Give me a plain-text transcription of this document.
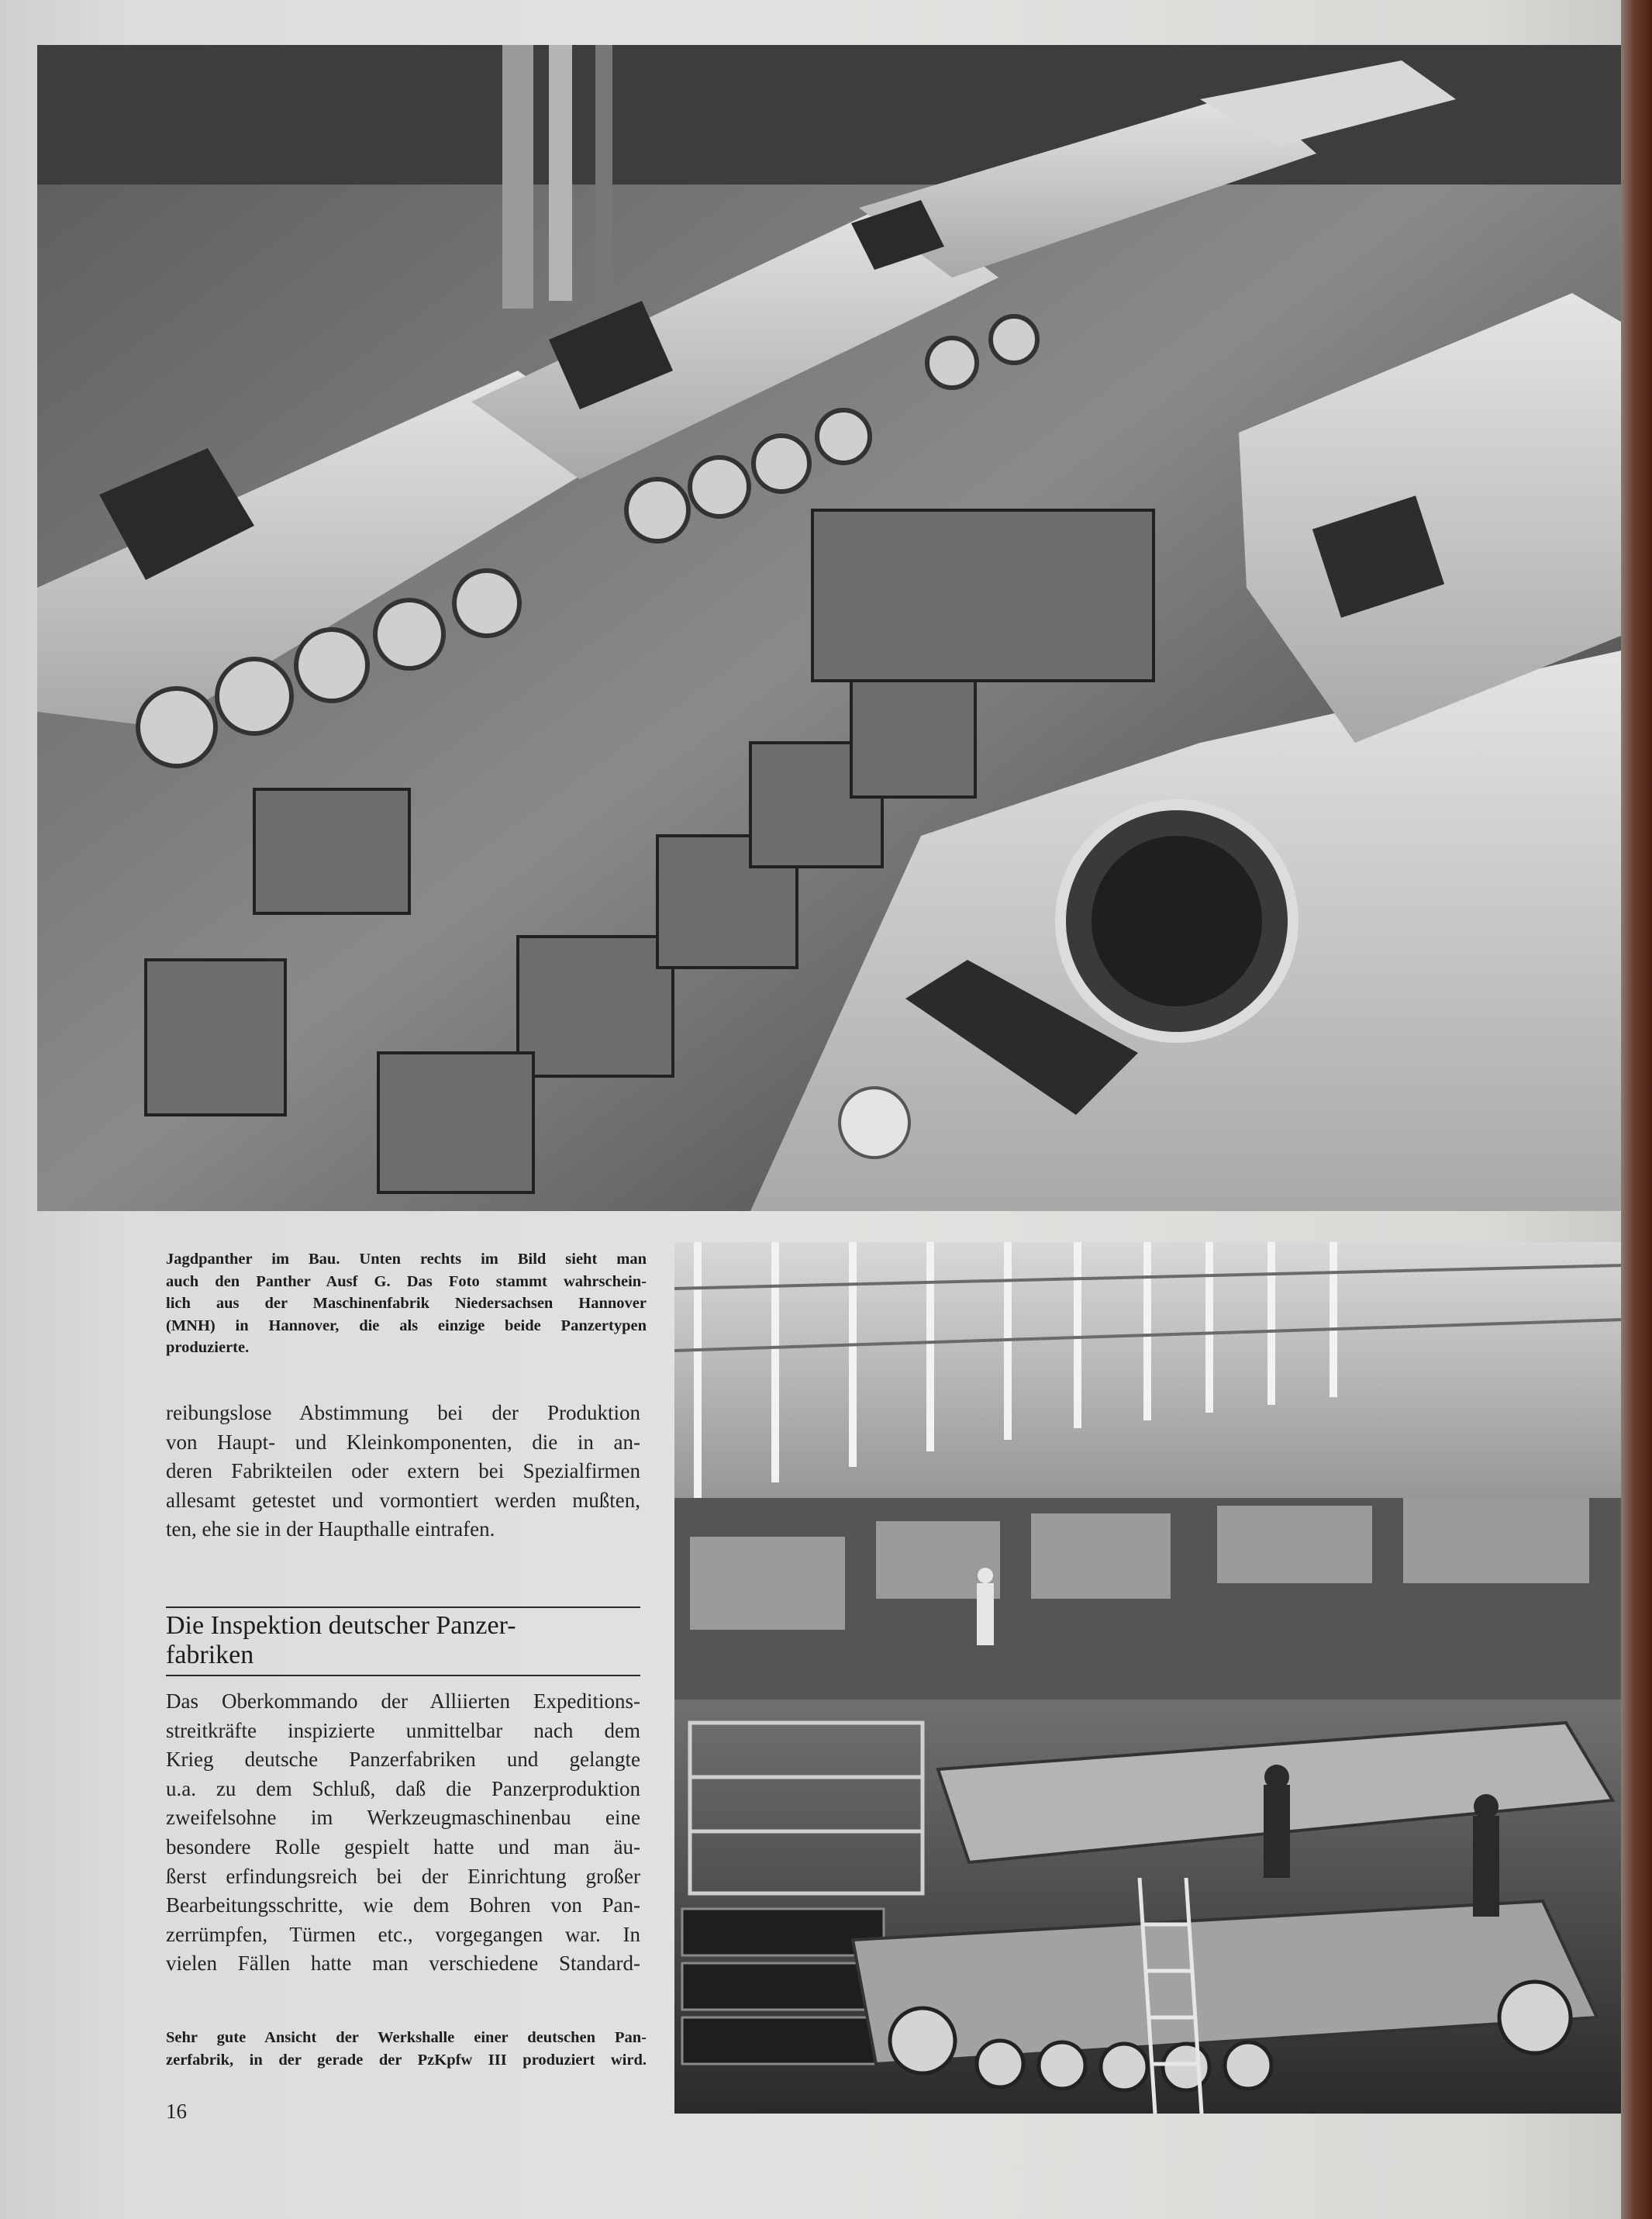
Jagdpanther im Bau. Unten rechts im Bild sieht man
auch den Panther Ausf G. Das Foto stammt wahrschein-
lich aus der Maschinenfabrik Niedersachsen Hannover
(MNH) in Hannover, die als einzige beide Panzertypen
produzierte.

reibungslose Abstimmung bei der Produktion
von Haupt- und Kleinkomponenten, die in an-
deren Fabrikteilen oder extern bei Spezialfirmen
allesamt getestet und vormontiert werden mußten,
ten, ehe sie in der Haupthalle eintrafen.

Die Inspektion deutscher Panzer-
fabriken

Das Oberkommando der Alliierten Expeditions-
streitkräfte inspizierte unmittelbar nach dem
Krieg deutsche Panzerfabriken und gelangte
u.a. zu dem Schluß, daß die Panzerproduktion
zweifelsohne im Werkzeugmaschinenbau eine
besondere Rolle gespielt hatte und man äu-
ßerst erfindungsreich bei der Einrichtung großer
Bearbeitungsschritte, wie dem Bohren von Pan-
zerrümpfen, Türmen etc., vorgegangen war. In
vielen Fällen hatte man verschiedene Standard-

Sehr gute Ansicht der Werkshalle einer deutschen Pan-
zerfabrik, in der gerade der PzKpfw III produziert wird.

16
